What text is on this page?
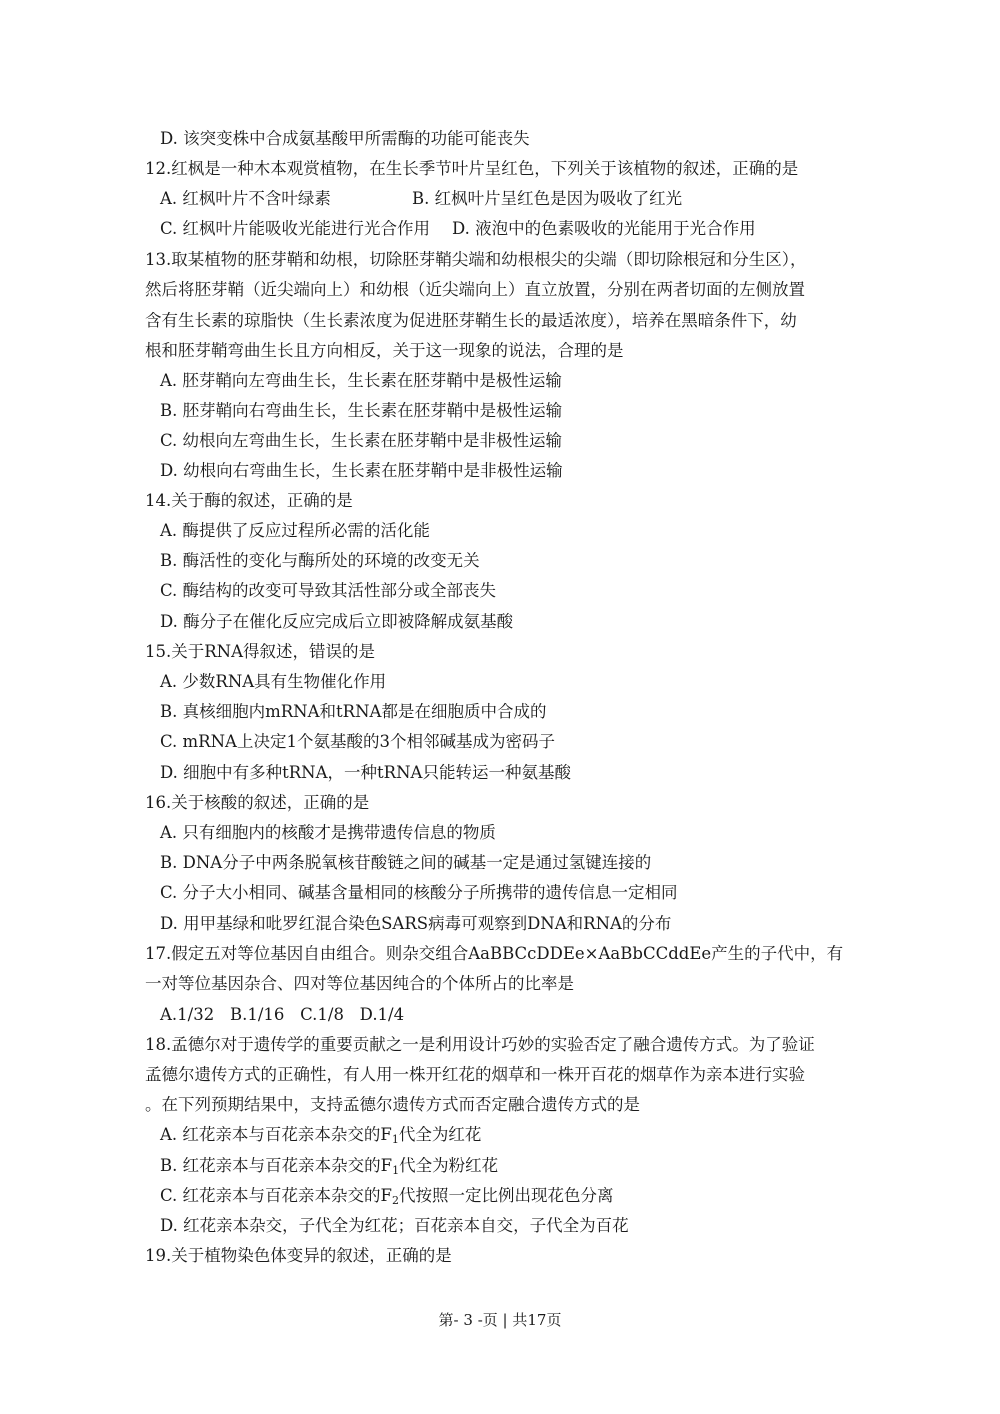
D. 该突变株中合成氨基酸甲所需酶的功能可能丧失
12.红枫是一种木本观赏植物，在生长季节叶片呈红色，下列关于该植物的叙述，正确的是
A. 红枫叶片不含叶绿素	B. 红枫叶片呈红色是因为吸收了红光
C. 红枫叶片能吸收光能进行光合作用 D. 液泡中的色素吸收的光能用于光合作用
13.取某植物的胚芽鞘和幼根，切除胚芽鞘尖端和幼根根尖的尖端（即切除根冠和分生区），
然后将胚芽鞘（近尖端向上）和幼根（近尖端向上）直立放置，分别在两者切面的左侧放置
含有生长素的琼脂快（生长素浓度为促进胚芽鞘生长的最适浓度），培养在黑暗条件下，幼
根和胚芽鞘弯曲生长且方向相反，关于这一现象的说法，合理的是
A. 胚芽鞘向左弯曲生长，生长素在胚芽鞘中是极性运输
B. 胚芽鞘向右弯曲生长，生长素在胚芽鞘中是极性运输
C. 幼根向左弯曲生长，生长素在胚芽鞘中是非极性运输
D. 幼根向右弯曲生长，生长素在胚芽鞘中是非极性运输
14.关于酶的叙述，正确的是
A. 酶提供了反应过程所必需的活化能
B. 酶活性的变化与酶所处的环境的改变无关
C. 酶结构的改变可导致其活性部分或全部丧失
D. 酶分子在催化反应完成后立即被降解成氨基酸
15.关于RNA得叙述，错误的是
A. 少数RNA具有生物催化作用
B. 真核细胞内mRNA和tRNA都是在细胞质中合成的
C. mRNA上决定1个氨基酸的3个相邻碱基成为密码子
D. 细胞中有多种tRNA，一种tRNA只能转运一种氨基酸
16.关于核酸的叙述，正确的是
A. 只有细胞内的核酸才是携带遗传信息的物质
B. DNA分子中两条脱氧核苷酸链之间的碱基一定是通过氢键连接的
C. 分子大小相同、碱基含量相同的核酸分子所携带的遗传信息一定相同
D. 用甲基绿和吡罗红混合染色SARS病毒可观察到DNA和RNA的分布
17.假定五对等位基因自由组合。则杂交组合AaBBCcDDEe×AaBbCCddEe产生的子代中，有
一对等位基因杂合、四对等位基因纯合的个体所占的比率是
A.1/32   B.1/16   C.1/8   D.1/4
18.孟德尔对于遗传学的重要贡献之一是利用设计巧妙的实验否定了融合遗传方式。为了验证
孟德尔遗传方式的正确性，有人用一株开红花的烟草和一株开百花的烟草作为亲本进行实验
。在下列预期结果中，支持孟德尔遗传方式而否定融合遗传方式的是
A. 红花亲本与百花亲本杂交的$F_1$代全为红花
B. 红花亲本与百花亲本杂交的$F_1$代全为粉红花
C. 红花亲本与百花亲本杂交的$F_2$代按照一定比例出现花色分离
D. 红花亲本杂交，子代全为红花；百花亲本自交，子代全为百花
19.关于植物染色体变异的叙述，正确的是
第- 3 -页 | 共17页
